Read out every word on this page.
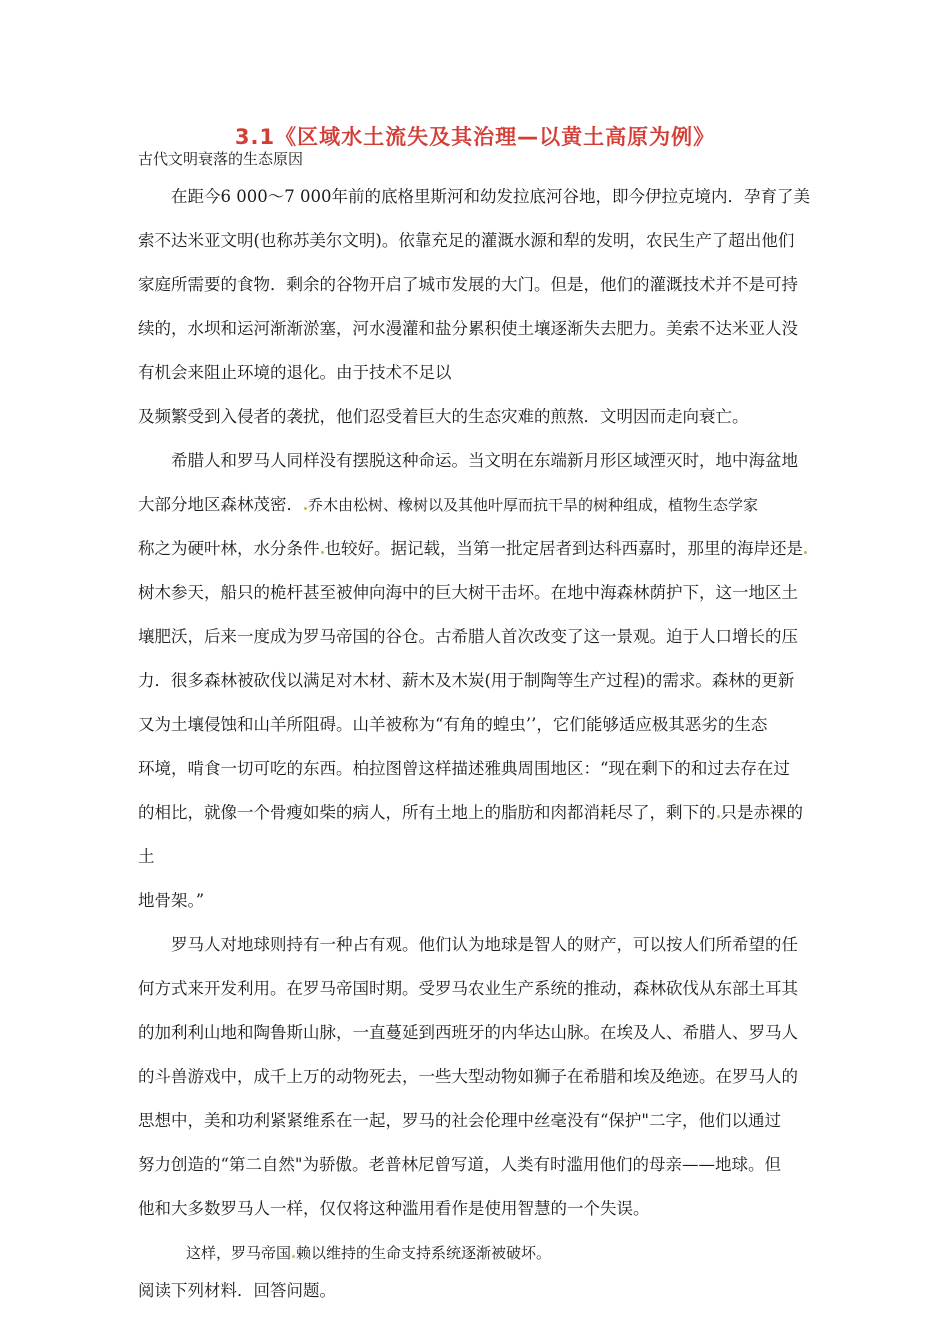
3.1《区域水土流失及其治理—以黄土高原为例》
古代文明衰落的生态原因
在距今6 000～7 000年前的底格里斯河和幼发拉底河谷地，即今伊拉克境内．孕育了美
索不达米亚文明(也称苏美尔文明)。依靠充足的灌溉水源和犁的发明，农民生产了超出他们
家庭所需要的食物．剩余的谷物开启了城市发展的大门。但是，他们的灌溉技术并不是可持
续的，水坝和运河渐渐淤塞，河水漫灌和盐分累积使土壤逐渐失去肥力。美索不达米亚人没
有机会来阻止环境的退化。由于技术不足以
及频繁受到入侵者的袭扰，他们忍受着巨大的生态灾难的煎熬．文明因而走向衰亡。
希腊人和罗马人同样没有摆脱这种命运。当文明在东端新月形区域湮灭时，地中海盆地
大部分地区森林茂密． 乔木由松树、橡树以及其他叶厚而抗干旱的树种组成，植物生态学家
称之为硬叶林，水分条件 也较好。据记载，当第一批定居者到达科西嘉时，那里的海岸还是
树木参天，船只的桅杆甚至被伸向海中的巨大树干击坏。在地中海森林荫护下，这一地区土
壤肥沃，后来一度成为罗马帝国的谷仓。古希腊人首次改变了这一景观。迫于人口增长的压
力．很多森林被砍伐以满足对木材、薪木及木炭(用于制陶等生产过程)的需求。森林的更新
又为土壤侵蚀和山羊所阻碍。山羊被称为“有角的蝗虫’’，它们能够适应极其恶劣的生态
环境，啃食一切可吃的东西。柏拉图曾这样描述雅典周围地区：“现在剩下的和过去存在过
的相比，就像一个骨瘦如柴的病人，所有土地上的脂肪和肉都消耗尽了，剩下的 只是赤裸的
土
地骨架。”
罗马人对地球则持有一种占有观。他们认为地球是智人的财产，可以按人们所希望的任
何方式来开发利用。在罗马帝国时期。受罗马农业生产系统的推动，森林砍伐从东部土耳其
的加利利山地和陶鲁斯山脉，一直蔓延到西班牙的内华达山脉。在埃及人、希腊人、罗马人
的斗兽游戏中，成千上万的动物死去，一些大型动物如狮子在希腊和埃及绝迹。在罗马人的
思想中，美和功利紧紧维系在一起，罗马的社会伦理中丝毫没有“保护"二字，他们以通过
努力创造的“第二自然"为骄傲。老普林尼曾写道，人类有时滥用他们的母亲——地球。但
他和大多数罗马人一样，仅仅将这种滥用看作是使用智慧的一个失误。
这样，罗马帝国 赖以维持的生命支持系统逐渐被破坏。
阅读下列材料．回答问题。
